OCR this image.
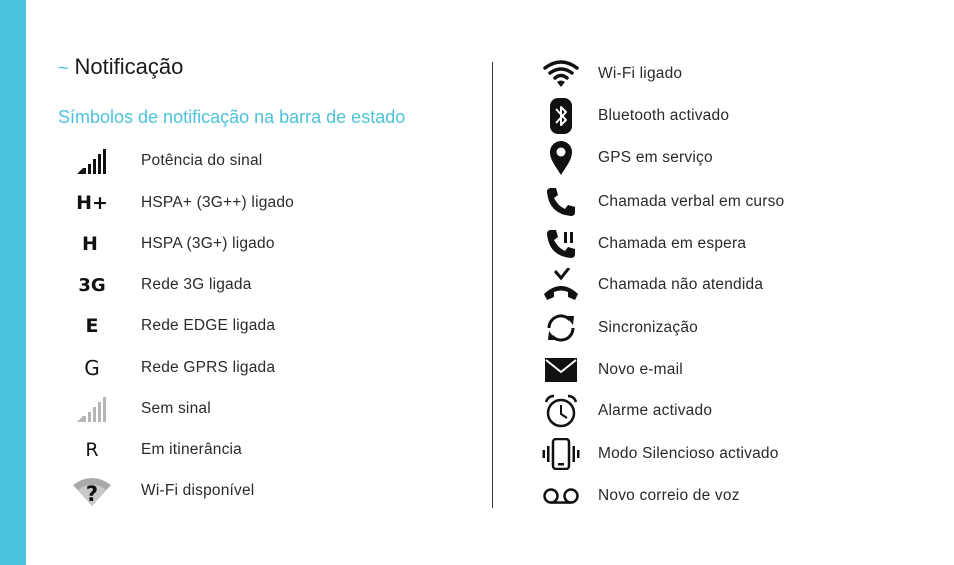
~ Notificação
Símbolos de notificação na barra de estado
Potência do sinal
H+	HSPA+ (3G++) ligado
H	HSPA (3G+) ligado
3G	Rede 3G ligada
E	Rede EDGE ligada
G	Rede GPRS ligada
Sem sinal
R	Em itinerância
?	Wi-Fi disponível
Wi-Fi ligado
Bluetooth activado
GPS em serviço
Chamada verbal em curso
Chamada em espera
Chamada não atendida
Sincronização
Novo e-mail
Alarme activado
Modo Silencioso activado
Novo correio de voz
